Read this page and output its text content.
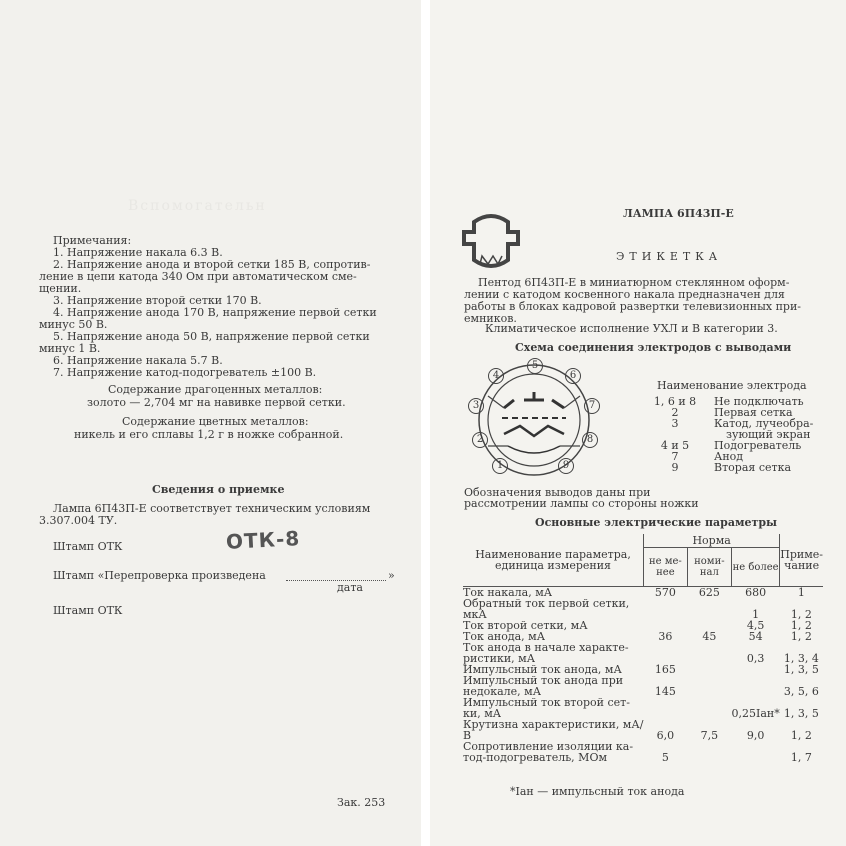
Вспомогательн
Примечания:
1. Напряжение накала 6.3 В.
2. Напряжение анода и второй сетки 185 В, сопротив-
ление в цепи катода 340 Ом при автоматическом сме-
щении.
3. Напряжение второй сетки 170 В.
4. Напряжение анода 170 В, напряжение первой сетки
минус 50 В.
5. Напряжение анода 50 В, напряжение первой сетки
минус 1 В.
6. Напряжение накала 5.7 В.
7. Напряжение катод-подогреватель ±100 В.
Содержание драгоценных металлов:
золото — 2,704 мг на навивке первой сетки.
Содержание цветных металлов:
никель и его сплавы 1,2 г в ножке собранной.
Сведения о приемке
Лампа 6П43П-Е соответствует техническим условиям
3.307.004 ТУ.
Штамп ОТК	ОТК-8
Штамп «Перепроверка произведена	»
дата
Штамп ОТК
Зак. 253
ЛАМПА 6П43П-Е
ЭТИКЕТКА
Пентод 6П43П-Е в миниатюрном стеклянном оформ-
лении с катодом косвенного накала предназначен для
работы в блоках кадровой развертки телевизионных при-
емников.
Климатическое исполнение УХЛ и В категории 3.
Схема соединения электродов с выводами
5
6
7
8
9
4
3
2
1
Наименование электрода
1, 6 и 8	Не подключать
2	Первая сетка
3	Катод, лучеобра-
зующий экран
4 и 5	Подогреватель
7	Анод
9	Вторая сетка
Обозначения выводов даны при
рассмотрении лампы со стороны ножки
Основные электрические параметры
Наименование параметра, единица измерения	Норма			Приме- чание
	не ме- нее	номи- нал	не более	
Ток накала, мА	570	625	680	1
Обратный ток первой сетки, мкА			1	1, 2
Ток второй сетки, мА			4,5	1, 2
Ток анода, мА	36	45	54	1, 2
Ток анода в начале характе- ристики, мА			0,3	1, 3, 4
Импульсный ток анода, мА	165			1, 3, 5
Импульсный ток анода при недокале, мА	145			3, 5, 6
Импульсный ток второй сет- ки, мА			0,25Iан*	1, 3, 5
Крутизна характеристики, мА/В	6,0	7,5	9,0	1, 2
Сопротивление изоляции ка- тод-подогреватель, МОм	5			1, 7
*Iан — импульсный ток анода
